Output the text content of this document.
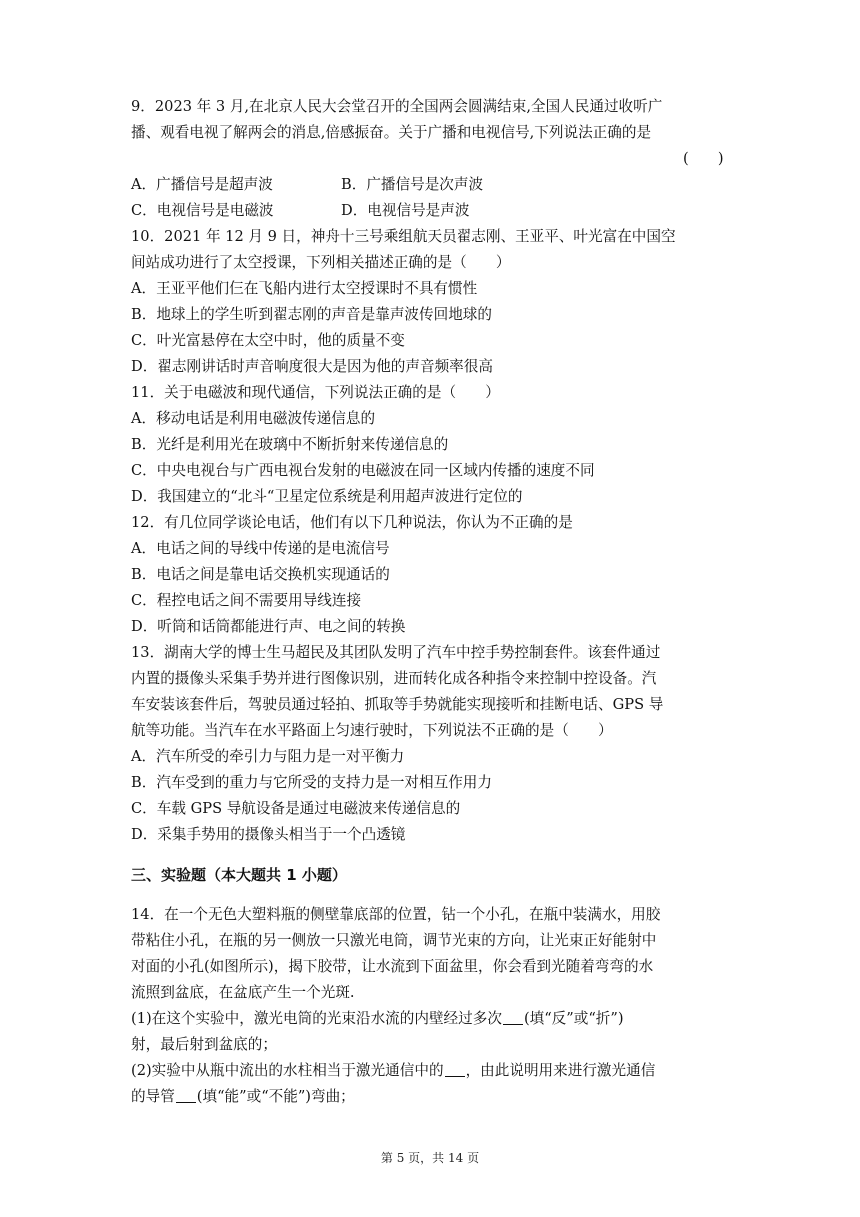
9．2023 年 3 月,在北京人民大会堂召开的全国两会圆满结束,全国人民通过收听广
播、观看电视了解两会的消息,倍感振奋。关于广播和电视信号,下列说法正确的是
(　　)
A．广播信号是超声波	B．广播信号是次声波
C．电视信号是电磁波	D．电视信号是声波
10．2021 年 12 月 9 日，神舟十三号乘组航天员翟志刚、王亚平、叶光富在中国空
间站成功进行了太空授课，下列相关描述正确的是（　　）
A．王亚平他们仨在飞船内进行太空授课时不具有惯性
B．地球上的学生听到翟志刚的声音是靠声波传回地球的
C．叶光富悬停在太空中时，他的质量不变
D．翟志刚讲话时声音响度很大是因为他的声音频率很高
11．关于电磁波和现代通信，下列说法正确的是（　　）
A．移动电话是利用电磁波传递信息的
B．光纤是利用光在玻璃中不断折射来传递信息的
C．中央电视台与广西电视台发射的电磁波在同一区域内传播的速度不同
D．我国建立的“北斗“卫星定位系统是利用超声波进行定位的
12．有几位同学谈论电话，他们有以下几种说法，你认为不正确的是
A．电话之间的导线中传递的是电流信号
B．电话之间是靠电话交换机实现通话的
C．程控电话之间不需要用导线连接
D．听筒和话筒都能进行声、电之间的转换
13．湖南大学的博士生马超民及其团队发明了汽车中控手势控制套件。该套件通过
内置的摄像头采集手势并进行图像识别，进而转化成各种指令来控制中控设备。汽
车安装该套件后，驾驶员通过轻拍、抓取等手势就能实现接听和挂断电话、GPS 导
航等功能。当汽车在水平路面上匀速行驶时，下列说法不正确的是（　　）
A．汽车所受的牵引力与阻力是一对平衡力
B．汽车受到的重力与它所受的支持力是一对相互作用力
C．车载 GPS 导航设备是通过电磁波来传递信息的
D．采集手势用的摄像头相当于一个凸透镜
三、实验题（本大题共 1 小题）
14．在一个无色大塑料瓶的侧壁靠底部的位置，钻一个小孔，在瓶中装满水，用胶
带粘住小孔，在瓶的另一侧放一只激光电筒，调节光束的方向，让光束正好能射中
对面的小孔(如图所示)，揭下胶带，让水流到下面盆里，你会看到光随着弯弯的水
流照到盆底，在盆底产生一个光斑.
(1)在这个实验中，激光电筒的光束沿水流的内壁经过多次 (填“反”或“折”)
射，最后射到盆底的；
(2)实验中从瓶中流出的水柱相当于激光通信中的 ，由此说明用来进行激光通信
的导管 (填“能”或“不能”)弯曲；
第 5 页，共 14 页
